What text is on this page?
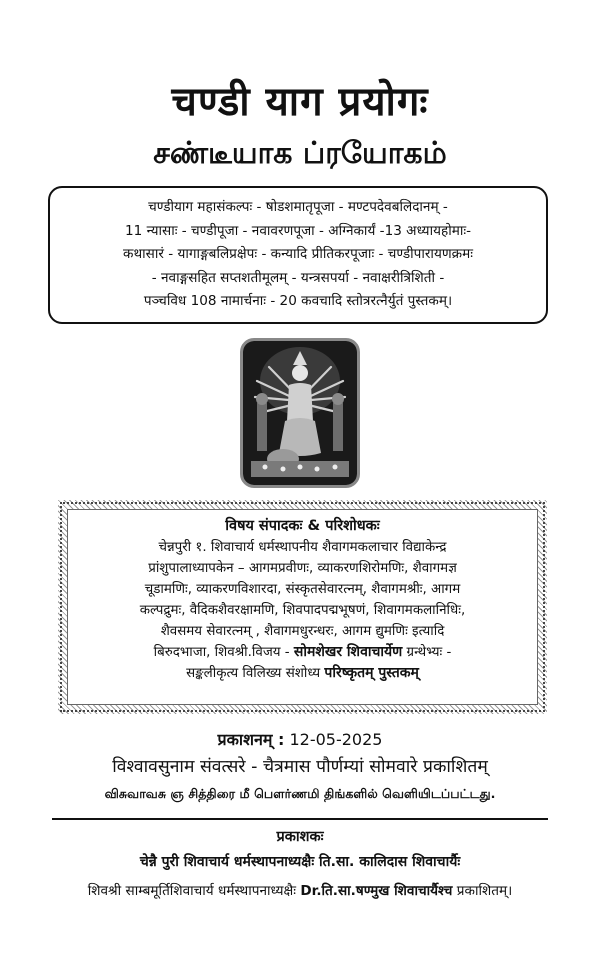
चण्डी याग प्रयोगः
சண்டீயாக ப்ரயோகம்
चण्डीयाग महासंकल्पः - षोडशमातृपूजा - मण्टपदेवबलिदानम् -
11 न्यासाः - चण्डीपूजा - नवावरणपूजा - अग्निकार्यं -13 अध्यायहोमाः-
कथासारं - यागाङ्गबलिप्रक्षेपः - कन्यादि प्रीतिकरपूजाः - चण्डीपारायणक्रमः
- नवाङ्गसहित सप्तशतीमूलम् - यन्त्रसपर्या - नवाक्षरीत्रिशिती -
पञ्चविध 108 नामार्चनाः - 20 कवचादि स्तोत्ररत्नैर्युतं पुस्तकम्।
विषय संपादकः & परिशोधकः
चेन्नपुरी १. शिवाचार्य धर्मस्थापनीय शैवागमकलाचार विद्याकेन्द्र
प्रांशुपालाध्यापकेन – आगमप्रवीणः, व्याकरणशिरोमणिः, शैवागमज्ञ
चूडामणिः, व्याकरणविशारदा, संस्कृतसेवारत्नम्, शैवागमश्रीः, आगम
कल्पद्रुमः, वैदिकशैवरक्षामणि, शिवपादपद्मभूषणं, शिवागमकलानिधिः,
शैवसमय सेवारत्नम् , शैवागमधुरन्धरः, आगम द्युमणिः इत्यादि
बिरुदभाजा, शिवश्री.विजय - सोमशेखर शिवाचार्येण ग्रन्थेभ्यः -
सङ्कलीकृत्य विलिख्य संशोध्य परिष्कृतम् पुस्तकम्
प्रकाशनम् : 12-05-2025
विश्वावसुनाम संवत्सरे - चैत्रमास पौर्णम्यां सोमवारे प्रकाशितम्
விசுவாவசு ஞ சித்திரை மீ பௌர்ணமி திங்களில் வெளியிடப்பட்டது.
प्रकाशकः
चेन्नै पुरी शिवाचार्य धर्मस्थापनाध्यक्षैः ति.सा. कालिदास शिवाचार्यैः
शिवश्री साम्बमूर्तिशिवाचार्य धर्मस्थापनाध्यक्षैः Dr.ति.सा.षण्मुख शिवाचार्यैश्च प्रकाशितम्।
